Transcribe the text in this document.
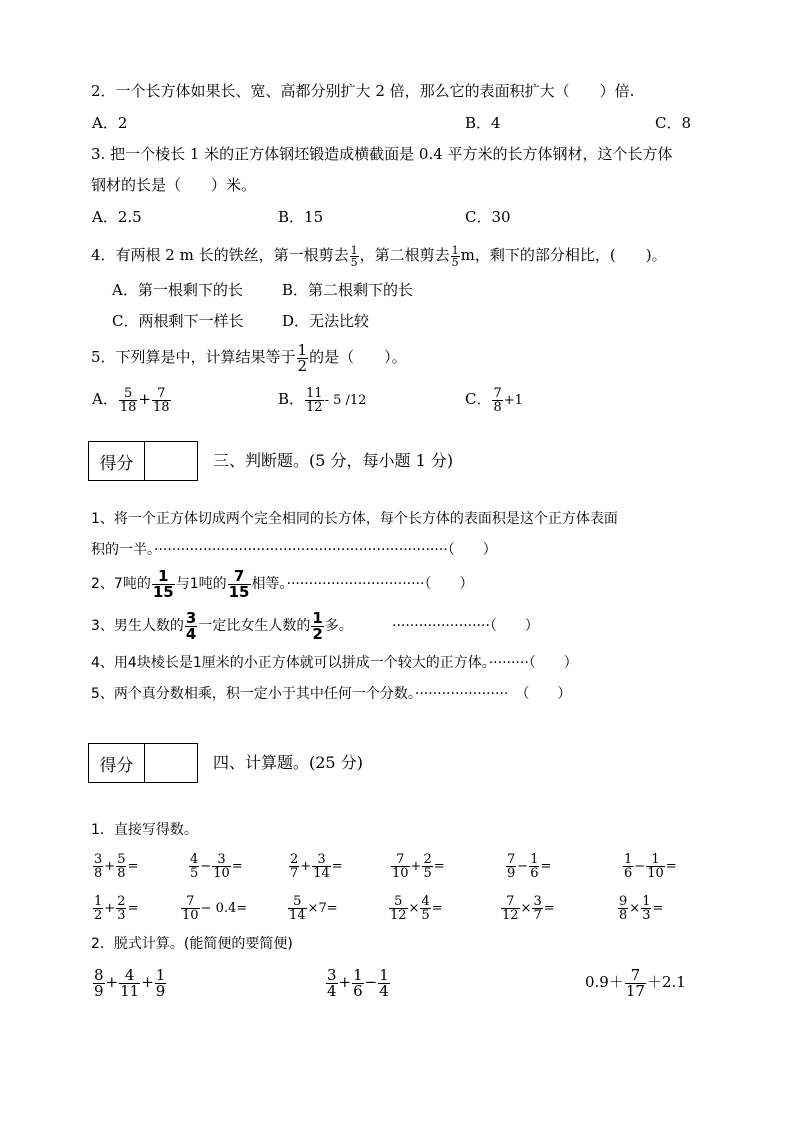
2．一个长方体如果长、宽、高都分别扩大 2 倍，那么它的表面积扩大（　　）倍.
A．2	B．4	C．8
3. 把一个棱长 1 米的正方体钢坯锻造成横截面是 0.4 平方米的长方体钢材，这个长方体
钢材的长是（　　）米。
A．2.5	B．15	C．30
4．有两根 2 m 长的铁丝，第一根剪去 $\frac{1}{5}$ ，第二根剪去 $\frac{1}{5}$ m，剩下的部分相比，(　　)。
A．第一根剩下的长	B．第二根剩下的长
C．两根剩下一样长	D．无法比较
5．下列算是中，计算结果等于 $\frac{1}{2}$ 的是（　　）。
A． $\frac{5}{18} + \frac{7}{18}$	B． $\frac{11}{12} - 5$ /12	C． $\frac{7}{8} +1$
得分	三、判断题。(5 分，每小题 1 分)
1、将一个正方体切成两个完全相同的长方体，每个长方体的表面积是这个正方体表面
积的一半。··································································（　　）
2、7吨的 $\frac{1}{15}$ 与1吨的 $\frac{7}{15}$ 相等。·······························（　　）
3、男生人数的 $\frac{3}{4}$ 一定比女生人数的 $\frac{1}{2}$ 多。	······················（　　）
4、用4块棱长是1厘米的小正方体就可以拼成一个较大的正方体。·········（　　）
5、两个真分数相乘，积一定小于其中任何一个分数。·····················　（　　）
得分	四、计算题。(25 分)
1．直接写得数。
$\frac{3}{8} + \frac{5}{8}$ =	$\frac{4}{5} - \frac{3}{10}$ =	$\frac{2}{7} + \frac{3}{14}$ =	$\frac{7}{10} + \frac{2}{5}$ =	$\frac{7}{9} - \frac{1}{6}$ =	$\frac{1}{6} - \frac{1}{10}$ =
$\frac{1}{2} + \frac{2}{3}$ =	$\frac{7}{10} - 0.4=$	$\frac{5}{14} \times 7=$	$\frac{5}{12} \times \frac{4}{5}$ =	$\frac{7}{12} \times \frac{3}{7}$ =	$\frac{9}{8} \times \frac{1}{3}$ =
2．脱式计算。(能简便的要简便)
$\frac{8}{9} + \frac{4}{11} + \frac{1}{9}$	$\frac{3}{4} + \frac{1}{6} - \frac{1}{4}$	$0.9+ \frac{7}{17} +2.1$
